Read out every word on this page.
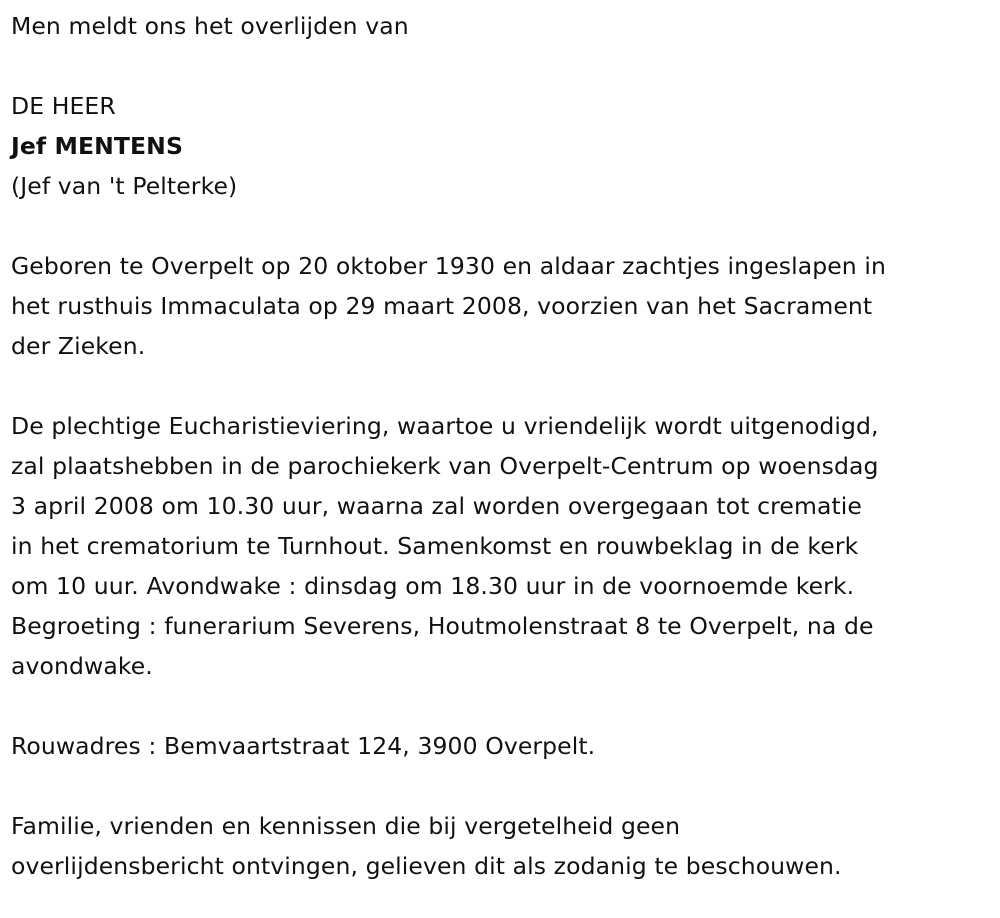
Men meldt ons het overlijden van

DE HEER

Jef MENTENS

(Jef van 't Pelterke)

Geboren te Overpelt op 20 oktober 1930 en aldaar zachtjes ingeslapen in

het rusthuis Immaculata op 29 maart 2008, voorzien van het Sacrament

der Zieken.

De plechtige Eucharistieviering, waartoe u vriendelijk wordt uitgenodigd,

zal plaatshebben in de parochiekerk van Overpelt-Centrum op woensdag

3 april 2008 om 10.30 uur, waarna zal worden overgegaan tot crematie

in het crematorium te Turnhout. Samenkomst en rouwbeklag in de kerk

om 10 uur. Avondwake : dinsdag om 18.30 uur in de voornoemde kerk.

Begroeting : funerarium Severens, Houtmolenstraat 8 te Overpelt, na de

avondwake.

Rouwadres : Bemvaartstraat 124, 3900 Overpelt.

Familie, vrienden en kennissen die bij vergetelheid geen

overlijdensbericht ontvingen, gelieven dit als zodanig te beschouwen.
